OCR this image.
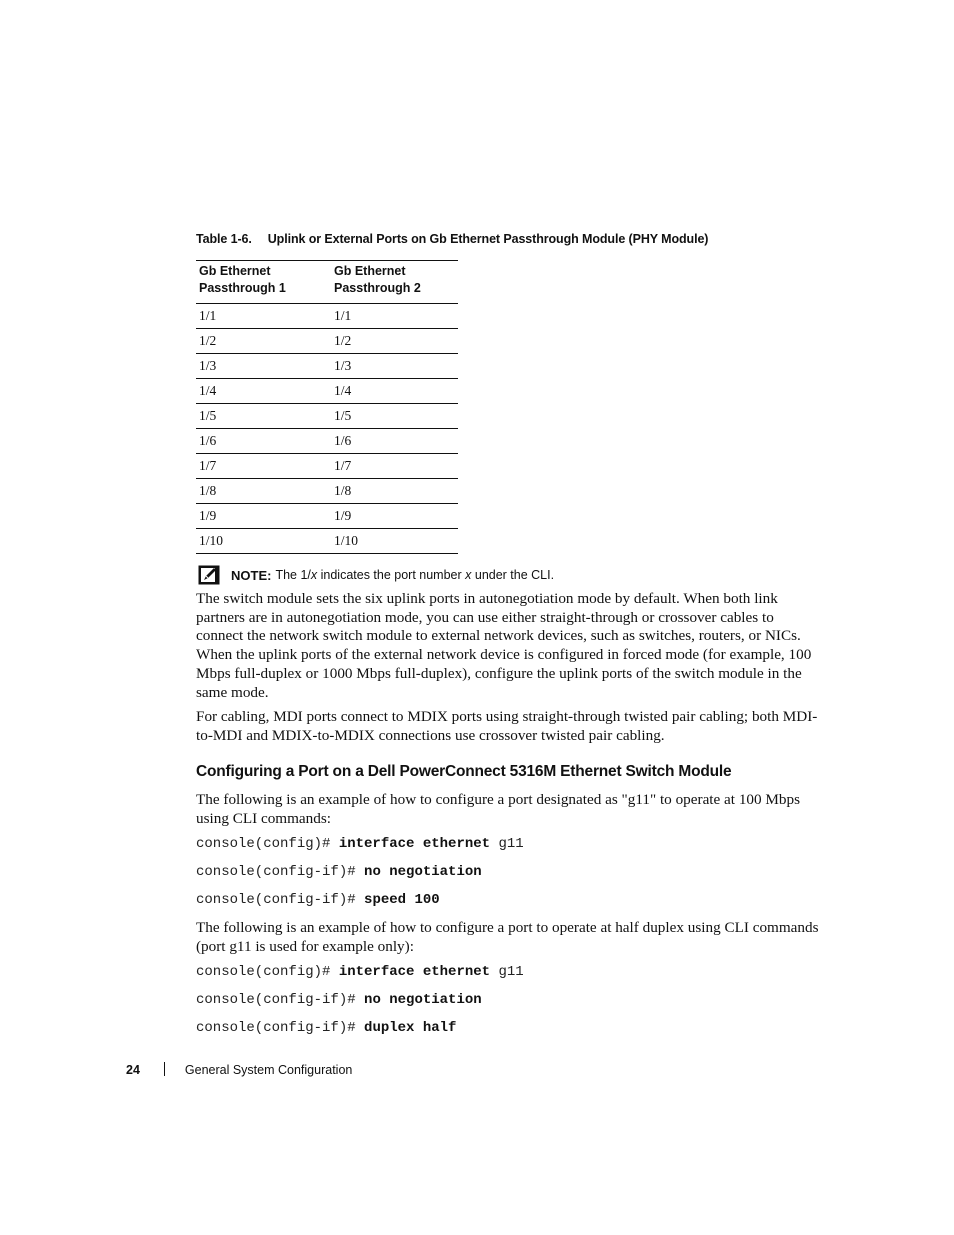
Table 1-6. Uplink or External Ports on Gb Ethernet Passthrough Module (PHY Module)
Gb Ethernet Passthrough 1	Gb Ethernet Passthrough 2
1/1	1/1
1/2	1/2
1/3	1/3
1/4	1/4
1/5	1/5
1/6	1/6
1/7	1/7
1/8	1/8
1/9	1/9
1/10	1/10
NOTE: The 1/x indicates the port number x under the CLI.

The switch module sets the six uplink ports in autonegotiation mode by default. When both link partners are in autonegotiation mode, you can use either straight-through or crossover cables to connect the network switch module to external network devices, such as switches, routers, or NICs. When the uplink ports of the external network device is configured in forced mode (for example, 100 Mbps full-duplex or 1000 Mbps full-duplex), configure the uplink ports of the switch module in the same mode.

For cabling, MDI ports connect to MDIX ports using straight-through twisted pair cabling; both MDI-to-MDI and MDIX-to-MDIX connections use crossover twisted pair cabling.

Configuring a Port on a Dell PowerConnect 5316M Ethernet Switch Module

The following is an example of how to configure a port designated as "g11" to operate at 100 Mbps using CLI commands:

console(config)# interface ethernet g11
console(config-if)# no negotiation
console(config-if)# speed 100

The following is an example of how to configure a port to operate at half duplex using CLI commands (port g11 is used for example only):

console(config)# interface ethernet g11
console(config-if)# no negotiation
console(config-if)# duplex half
24	General System Configuration
